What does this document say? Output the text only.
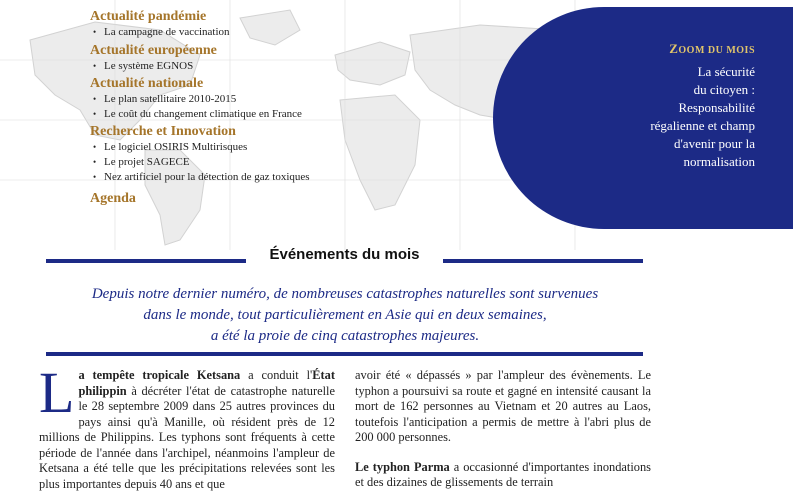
Actualité pandémie
• La campagne de vaccination
Actualité européenne
• Le système EGNOS
Actualité nationale
• Le plan satellitaire 2010-2015
• Le coût du changement climatique en France
Recherche et Innovation
• Le logiciel OSIRIS Multirisques
• Le projet SAGECE
• Nez artificiel pour la détection de gaz toxiques
Agenda
ZOOM DU MOIS
La sécurité
du citoyen :
Responsabilité
régalienne et champ
d'avenir pour la
normalisation
Événements du mois
Depuis notre dernier numéro, de nombreuses catastrophes naturelles sont survenues
dans le monde, tout particulièrement en Asie qui en deux semaines,
a été la proie de cinq catastrophes majeures.

La tempête tropicale Ketsana a conduit l'État philippin à décréter l'état de catastrophe naturelle le 28 septembre 2009 dans 25 autres provinces du pays ainsi qu'à Manille, où résident près de 12 millions de Philippins. Les typhons sont fréquents à cette période de l'année dans l'archipel, néanmoins l'ampleur de Ketsana a été telle que les précipitations relevées sont les plus importantes depuis 40 ans et que

avoir été « dépassés » par l'ampleur des évènements. Le typhon a poursuivi sa route et gagné en intensité causant la mort de 162 personnes au Vietnam et 20 autres au Laos, toutefois l'anticipation a permis de mettre à l'abri plus de 200 000 personnes.

Le typhon Parma a occasionné d'importantes inondations et des dizaines de glissements de terrain
